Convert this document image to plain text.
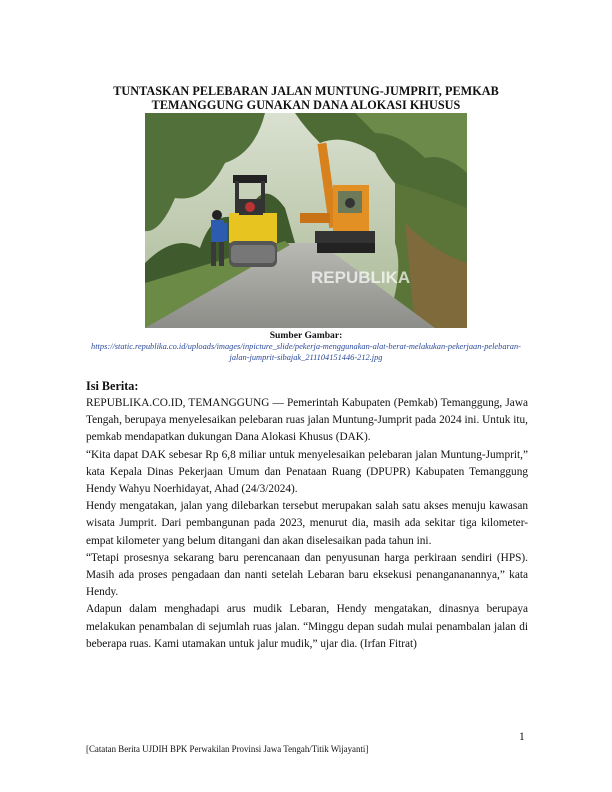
TUNTASKAN PELEBARAN JALAN MUNTUNG-JUMPRIT, PEMKAB TEMANGGUNG GUNAKAN DANA ALOKASI KHUSUS
REPUBLIKA
Sumber Gambar:
https://static.republika.co.id/uploads/images/inpicture_slide/pekerja-menggunakan-alat-berat-melakukan-pekerjaan-pelebaran-jalan-jumprit-sibajak_211104151446-212.jpg
Isi Berita:

REPUBLIKA.CO.ID, TEMANGGUNG — Pemerintah Kabupaten (Pemkab) Temanggung, Jawa Tengah, berupaya menyelesaikan pelebaran ruas jalan Muntung-Jumprit pada 2024 ini. Untuk itu, pemkab mendapatkan dukungan Dana Alokasi Khusus (DAK).

“Kita dapat DAK sebesar Rp 6,8 miliar untuk menyelesaikan pelebaran jalan Muntung-Jumprit,” kata Kepala Dinas Pekerjaan Umum dan Penataan Ruang (DPUPR) Kabupaten Temanggung Hendy Wahyu Noerhidayat, Ahad (24/3/2024).

Hendy mengatakan, jalan yang dilebarkan tersebut merupakan salah satu akses menuju kawasan wisata Jumprit. Dari pembangunan pada 2023, menurut dia, masih ada sekitar tiga kilometer-empat kilometer yang belum ditangani dan akan diselesaikan pada tahun ini.

“Tetapi prosesnya sekarang baru perencanaan dan penyusunan harga perkiraan sendiri (HPS). Masih ada proses pengadaan dan nanti setelah Lebaran baru eksekusi penangananannya,” kata Hendy.

Adapun dalam menghadapi arus mudik Lebaran, Hendy mengatakan, dinasnya berupaya melakukan penambalan di sejumlah ruas jalan. “Minggu depan sudah mulai penambalan jalan di beberapa ruas. Kami utamakan untuk jalur mudik,” ujar dia. (Irfan Fitrat)

1
[Catatan Berita UJDIH BPK Perwakilan Provinsi Jawa Tengah/Titik Wijayanti]
